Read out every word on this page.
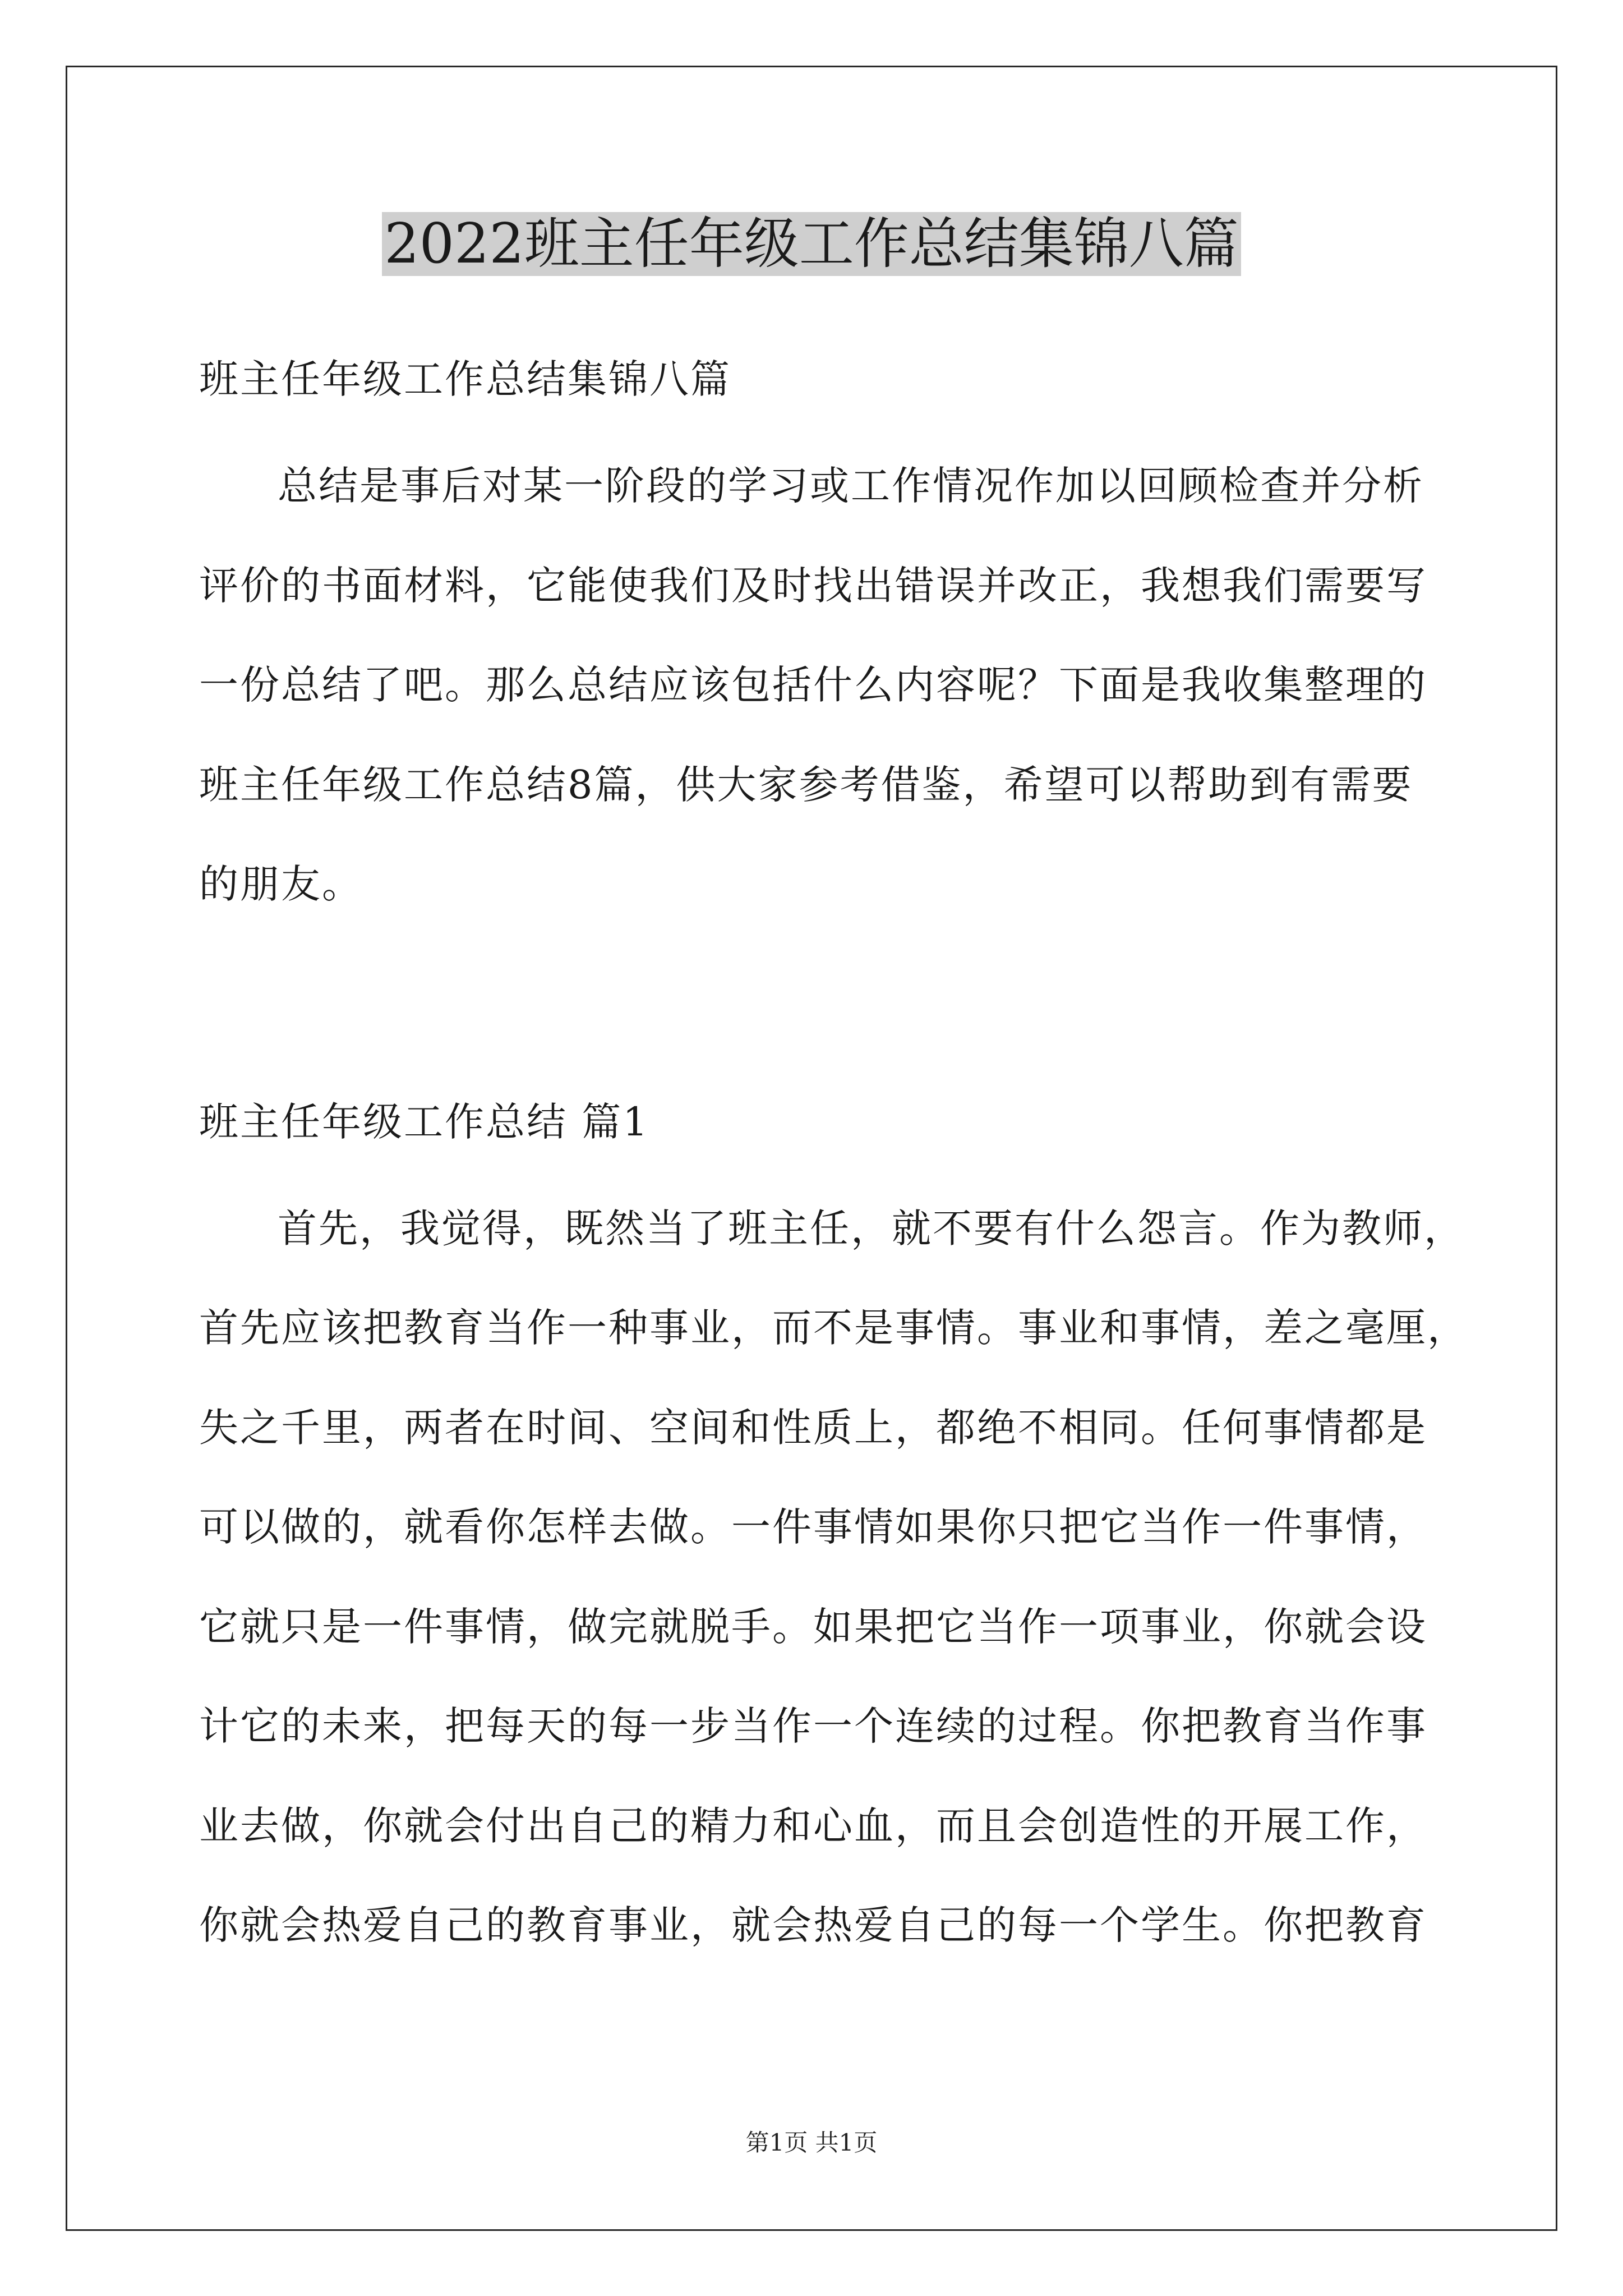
2022班主任年级工作总结集锦八篇
班主任年级工作总结集锦八篇
总结是事后对某一阶段的学习或工作情况作加以回顾检查并分析
评价的书面材料，它能使我们及时找出错误并改正，我想我们需要写
一份总结了吧。那么总结应该包括什么内容呢？下面是我收集整理的
班主任年级工作总结8篇，供大家参考借鉴，希望可以帮助到有需要
的朋友。
班主任年级工作总结 篇1
首先，我觉得，既然当了班主任，就不要有什么怨言。作为教师，
首先应该把教育当作一种事业，而不是事情。事业和事情，差之毫厘，
失之千里，两者在时间、空间和性质上，都绝不相同。任何事情都是
可以做的，就看你怎样去做。一件事情如果你只把它当作一件事情，
它就只是一件事情，做完就脱手。如果把它当作一项事业，你就会设
计它的未来，把每天的每一步当作一个连续的过程。你把教育当作事
业去做，你就会付出自己的精力和心血，而且会创造性的开展工作，
你就会热爱自己的教育事业，就会热爱自己的每一个学生。你把教育
第1页 共1页
